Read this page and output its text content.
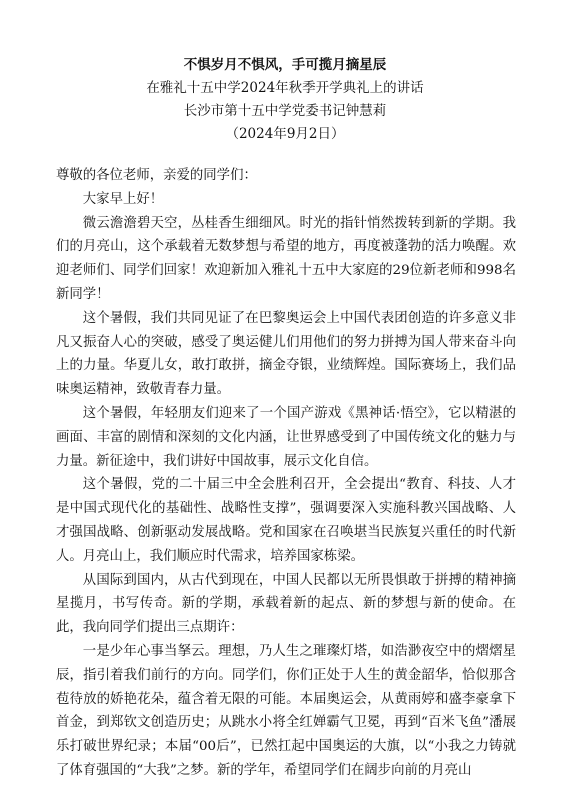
不惧岁月不惧风，手可揽月摘星辰
在雅礼十五中学2024年秋季开学典礼上的讲话
长沙市第十五中学党委书记钟慧莉
（2024年9月2日）
尊敬的各位老师，亲爱的同学们：

大家早上好！

微云澹澹碧天空，丛桂香生细细风。时光的指针悄然拨转到新的学期。我们的月亮山，这个承载着无数梦想与希望的地方，再度被蓬勃的活力唤醒。欢迎老师们、同学们回家！欢迎新加入雅礼十五中大家庭的29位新老师和998名新同学！

这个暑假，我们共同见证了在巴黎奥运会上中国代表团创造的许多意义非凡又振奋人心的突破，感受了奥运健儿们用他们的努力拼搏为国人带来奋斗向上的力量。华夏儿女，敢打敢拼，摘金夺银，业绩辉煌。国际赛场上，我们品味奥运精神，致敬青春力量。

这个暑假，年轻朋友们迎来了一个国产游戏《黑神话·悟空》，它以精湛的画面、丰富的剧情和深刻的文化内涵，让世界感受到了中国传统文化的魅力与力量。新征途中，我们讲好中国故事，展示文化自信。

这个暑假，党的二十届三中全会胜利召开，全会提出“教育、科技、人才是中国式现代化的基础性、战略性支撑”，强调要深入实施科教兴国战略、人才强国战略、创新驱动发展战略。党和国家在召唤堪当民族复兴重任的时代新人。月亮山上，我们顺应时代需求，培养国家栋梁。

从国际到国内，从古代到现在，中国人民都以无所畏惧敢于拼搏的精神摘星揽月，书写传奇。新的学期，承载着新的起点、新的梦想与新的使命。在此，我向同学们提出三点期许：

一是少年心事当拏云。理想，乃人生之璀璨灯塔，如浩渺夜空中的熠熠星辰，指引着我们前行的方向。同学们，你们正处于人生的黄金韶华，恰似那含苞待放的娇艳花朵，蕴含着无限的可能。本届奥运会，从黄雨婷和盛李豪拿下首金，到郑钦文创造历史；从跳水小将全红婵霸气卫冕，再到“百米飞鱼”潘展乐打破世界纪录；本届“00后”，已然扛起中国奥运的大旗，以“小我之力铸就了体育强国的“大我”之梦。新的学年，希望同学们在阔步向前的月亮山
